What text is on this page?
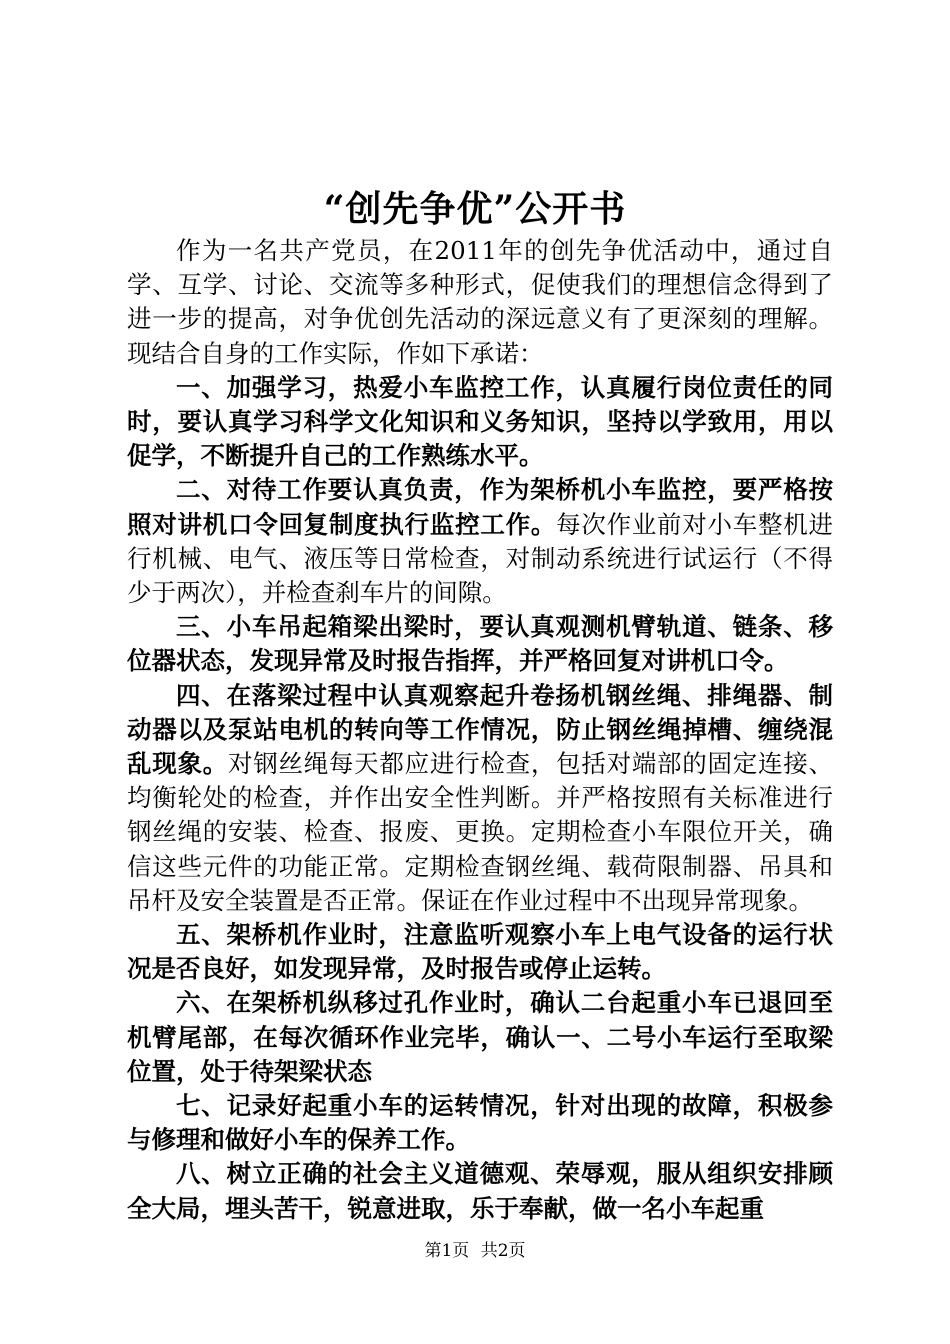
“创先争优”公开书

作为一名共产党员，在2011年的创先争优活动中，通过自学、互学、讨论、交流等多种形式，促使我们的理想信念得到了进一步的提高，对争优创先活动的深远意义有了更深刻的理解。现结合自身的工作实际，作如下承诺：

一、加强学习，热爱小车监控工作，认真履行岗位责任的同时，要认真学习科学文化知识和义务知识，坚持以学致用，用以促学，不断提升自己的工作熟练水平。

二、对待工作要认真负责，作为架桥机小车监控，要严格按照对讲机口令回复制度执行监控工作。每次作业前对小车整机进行机械、电气、液压等日常检查，对制动系统进行试运行（不得少于两次），并检查刹车片的间隙。

三、小车吊起箱梁出梁时，要认真观测机臂轨道、链条、移位器状态，发现异常及时报告指挥，并严格回复对讲机口令。

四、在落梁过程中认真观察起升卷扬机钢丝绳、排绳器、制动器以及泵站电机的转向等工作情况，防止钢丝绳掉槽、缠绕混乱现象。对钢丝绳每天都应进行检查，包括对端部的固定连接、均衡轮处的检查，并作出安全性判断。并严格按照有关标准进行钢丝绳的安装、检查、报废、更换。定期检查小车限位开关，确信这些元件的功能正常。定期检查钢丝绳、载荷限制器、吊具和吊杆及安全装置是否正常。保证在作业过程中不出现异常现象。

五、架桥机作业时，注意监听观察小车上电气设备的运行状况是否良好，如发现异常，及时报告或停止运转。

六、在架桥机纵移过孔作业时，确认二台起重小车已退回至机臂尾部，在每次循环作业完毕，确认一、二号小车运行至取梁位置，处于待架梁状态

七、记录好起重小车的运转情况，针对出现的故障，积极参与修理和做好小车的保养工作。

八、树立正确的社会主义道德观、荣辱观，服从组织安排顾全大局，埋头苦干，锐意进取，乐于奉献，做一名小车起重

第1页 共2页
